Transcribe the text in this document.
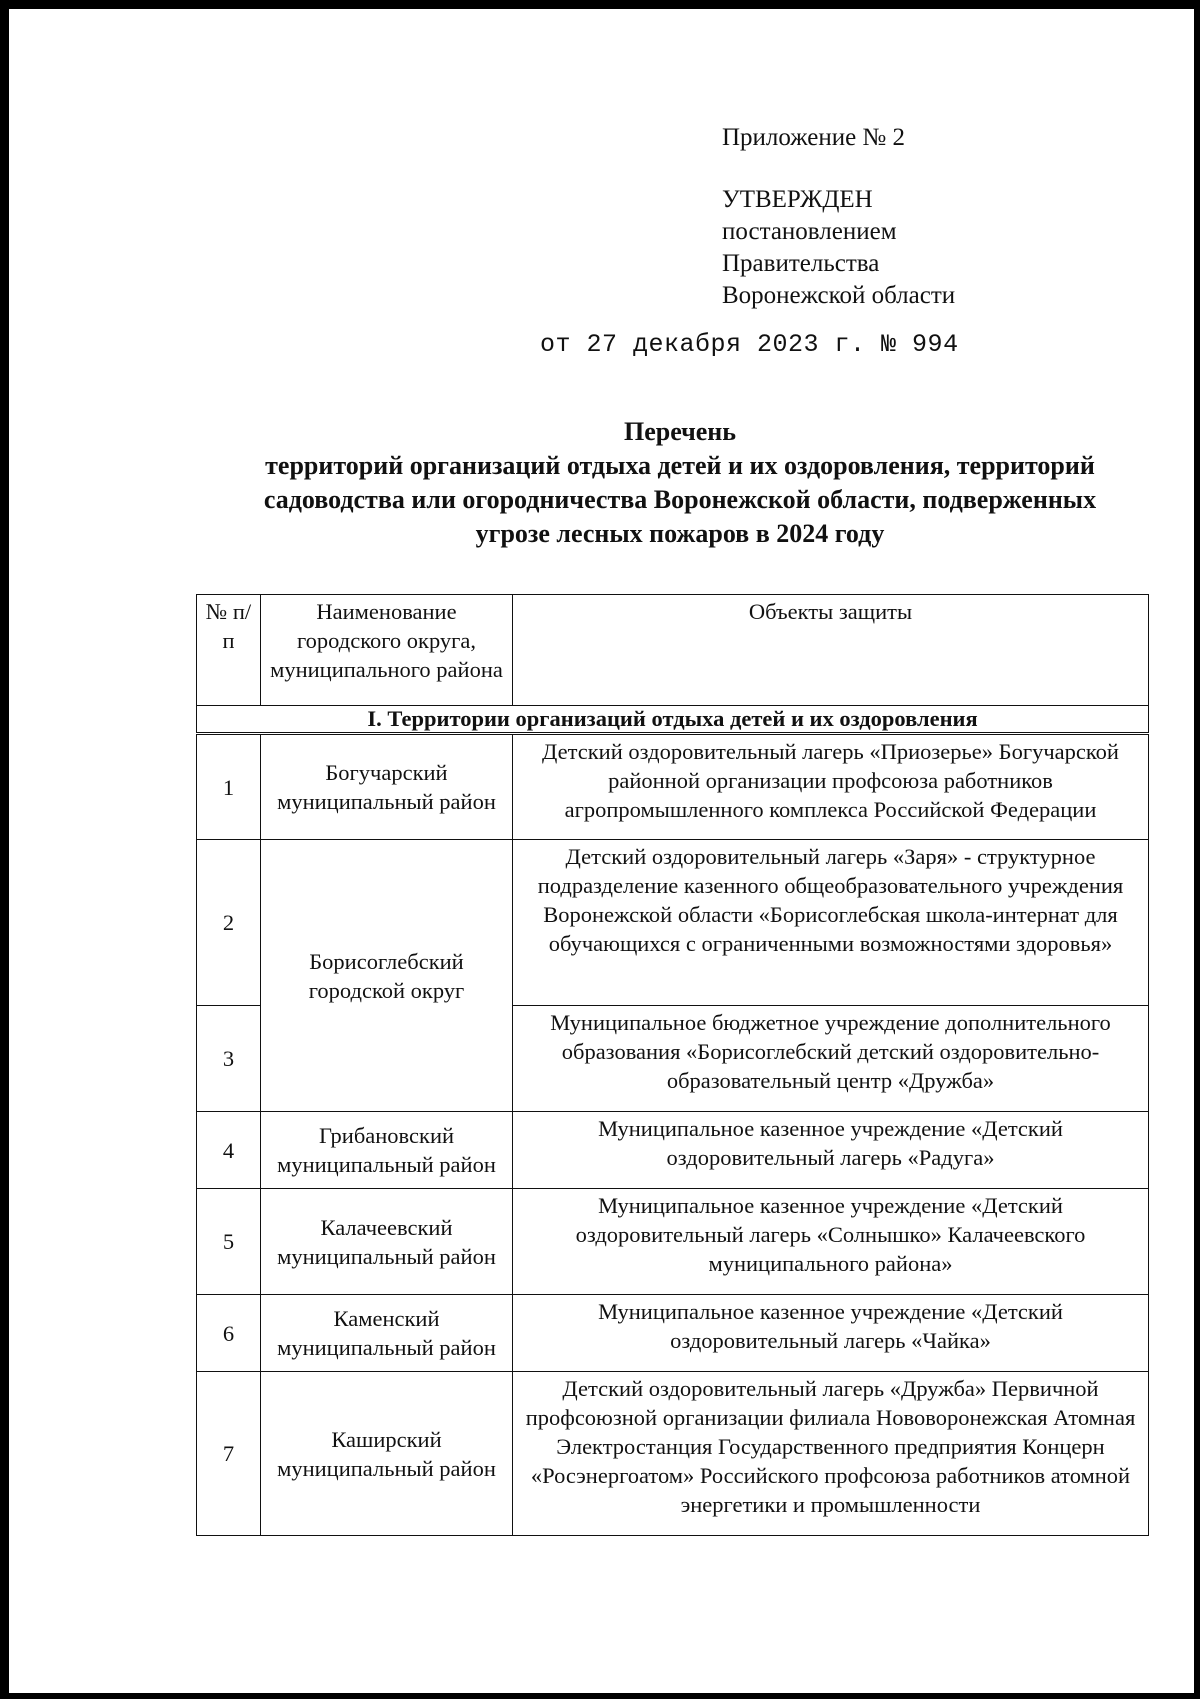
Приложение № 2
УТВЕРЖДЕН
постановлением
Правительства
Воронежской области
от 27 декабря 2023 г. № 994
Перечень
территорий организаций отдыха детей и их оздоровления, территорий
садоводства или огородничества Воронежской области, подверженных
угрозе лесных пожаров в 2024 году
№ п/п	Наименование городского округа, муниципального района	Объекты защиты
I. Территории организаций отдыха детей и их оздоровления		
1	Богучарский муниципальный район	Детский оздоровительный лагерь «Приозерье» Богучарской районной организации профсоюза работников агропромышленного комплекса Российской Федерации
2	Борисоглебский городской округ	Детский оздоровительный лагерь «Заря» - структурное подразделение казенного общеобразовательного учреждения Воронежской области «Борисоглебская школа-интернат для обучающихся с ограниченными возможностями здоровья»
3		Муниципальное бюджетное учреждение дополнительного образования «Борисоглебский детский оздоровительно-образовательный центр «Дружба»
4	Грибановский муниципальный район	Муниципальное казенное учреждение «Детский оздоровительный лагерь «Радуга»
5	Калачеевский муниципальный район	Муниципальное казенное учреждение «Детский оздоровительный лагерь «Солнышко» Калачеевского муниципального района»
6	Каменский муниципальный район	Муниципальное казенное учреждение «Детский оздоровительный лагерь «Чайка»
7	Каширский муниципальный район	Детский оздоровительный лагерь «Дружба» Первичной профсоюзной организации филиала Нововоронежская Атомная Электростанция Государственного предприятия Концерн «Росэнергоатом» Российского профсоюза работников атомной энергетики и промышленности
